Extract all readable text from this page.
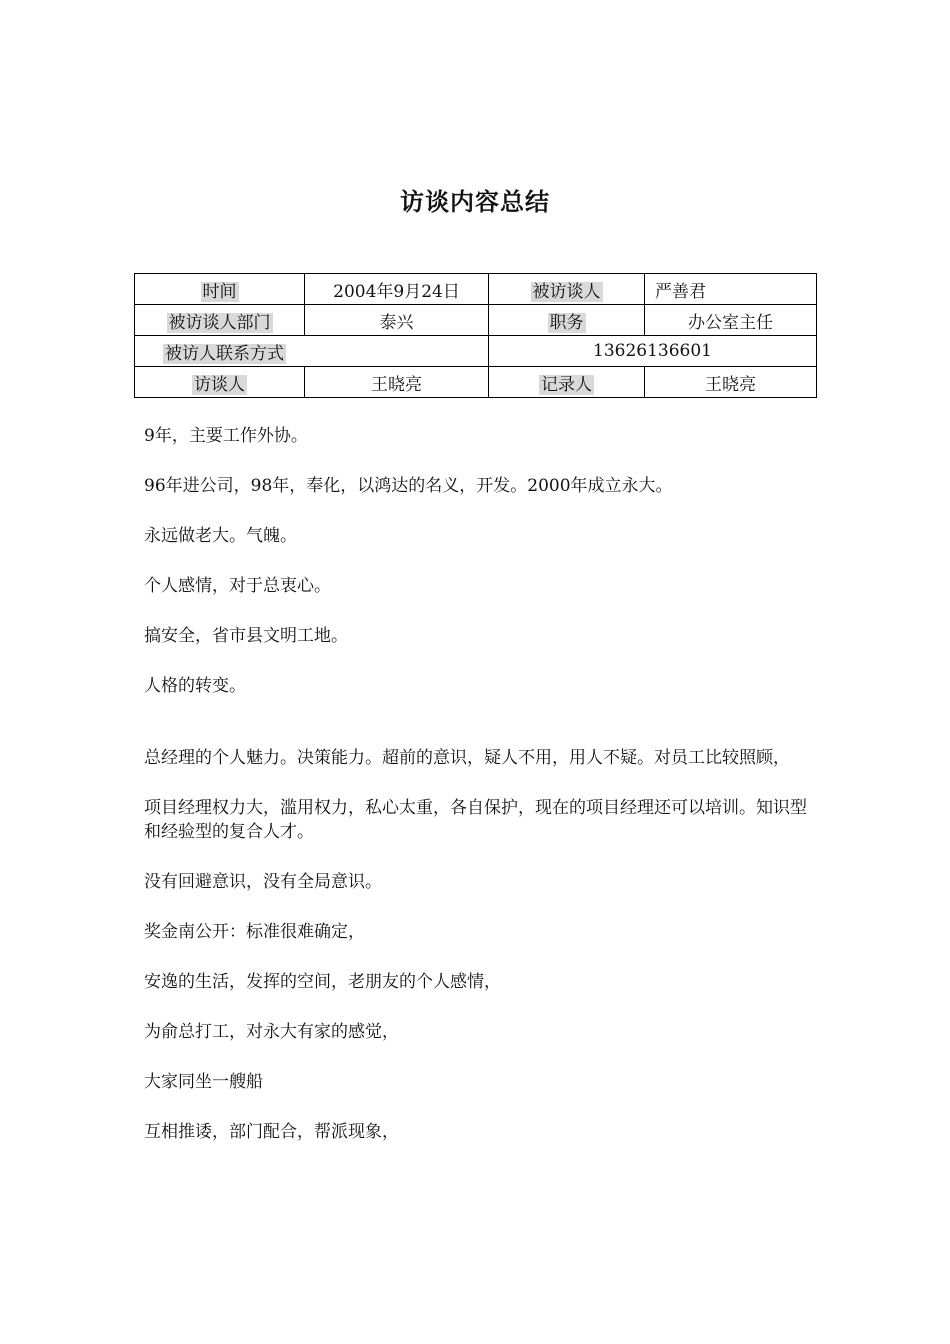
访谈内容总结
时间	2004年9月24日	被访谈人	严善君
被访谈人部门	泰兴	职务	办公室主任
被访人联系方式		13626136601	
访谈人	王晓亮	记录人	王晓亮

9年，主要工作外协。

96年进公司，98年，奉化，以鸿达的名义，开发。2000年成立永大。

永远做老大。气魄。

个人感情，对于总衷心。

搞安全，省市县文明工地。

人格的转变。

总经理的个人魅力。决策能力。超前的意识，疑人不用，用人不疑。对员工比较照顾，

项目经理权力大，滥用权力，私心太重，各自保护，现在的项目经理还可以培训。知识型和经验型的复合人才。

没有回避意识，没有全局意识。

奖金南公开：标准很难确定，

安逸的生活，发挥的空间，老朋友的个人感情，

为俞总打工，对永大有家的感觉，

大家同坐一艘船

互相推诿，部门配合，帮派现象，
